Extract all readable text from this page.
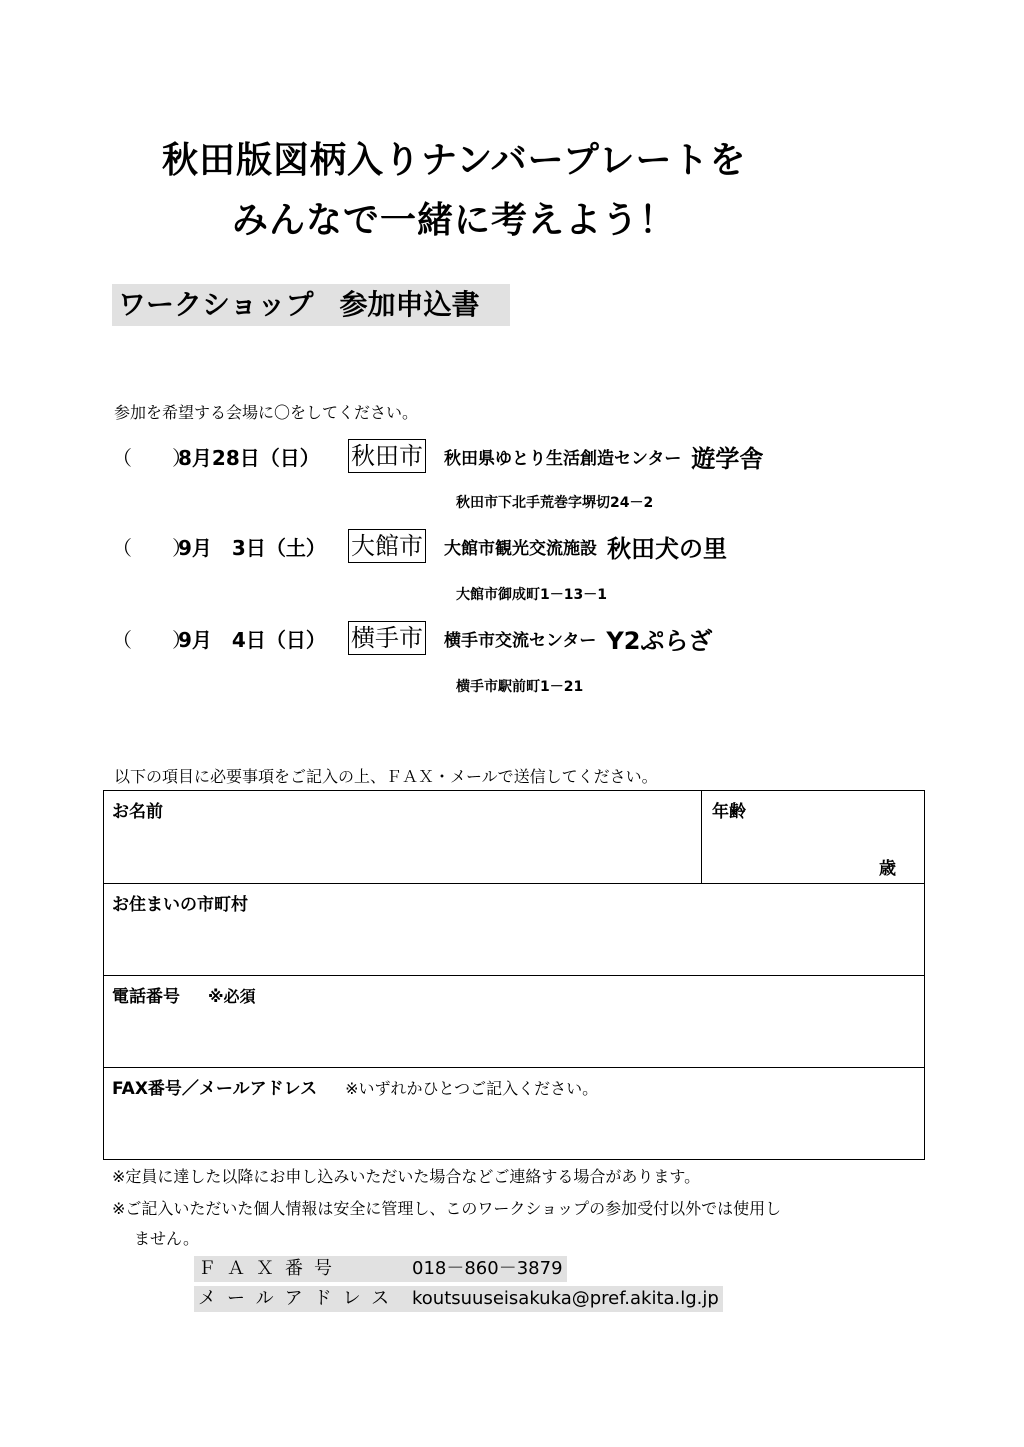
秋田版図柄入りナンバープレートを
みんなで一緒に考えよう！
ワークショップ 参加申込書
参加を希望する会場に〇をしてください。
（　　）
8月28日（日）	秋田市 秋田県ゆとり生活創造センター 遊学舎
秋田市下北手荒巻字堺切24－2
（　　）
9月　3日（土）	大館市 大館市観光交流施設 秋田犬の里
大館市御成町1－13－1
（　　）
9月　4日（日）	横手市 横手市交流センター Y2ぷらざ
横手市駅前町1－21
以下の項目に必要事項をご記入の上、ＦＡＸ・メールで送信してください。
お名前	年齢
歳
お住まいの市町村
電話番号 ※必須
FAX番号／メールアドレス ※いずれかひとつご記入ください。
※定員に達した以降にお申し込みいただいた場合などご連絡する場合があります。
※ご記入いただいた個人情報は安全に管理し、このワークショップの参加受付以外では使用し
ません。
ＦＡＸ番号	018－860－3879
メールアドレス koutsuuseisakuka@pref.akita.lg.jp
